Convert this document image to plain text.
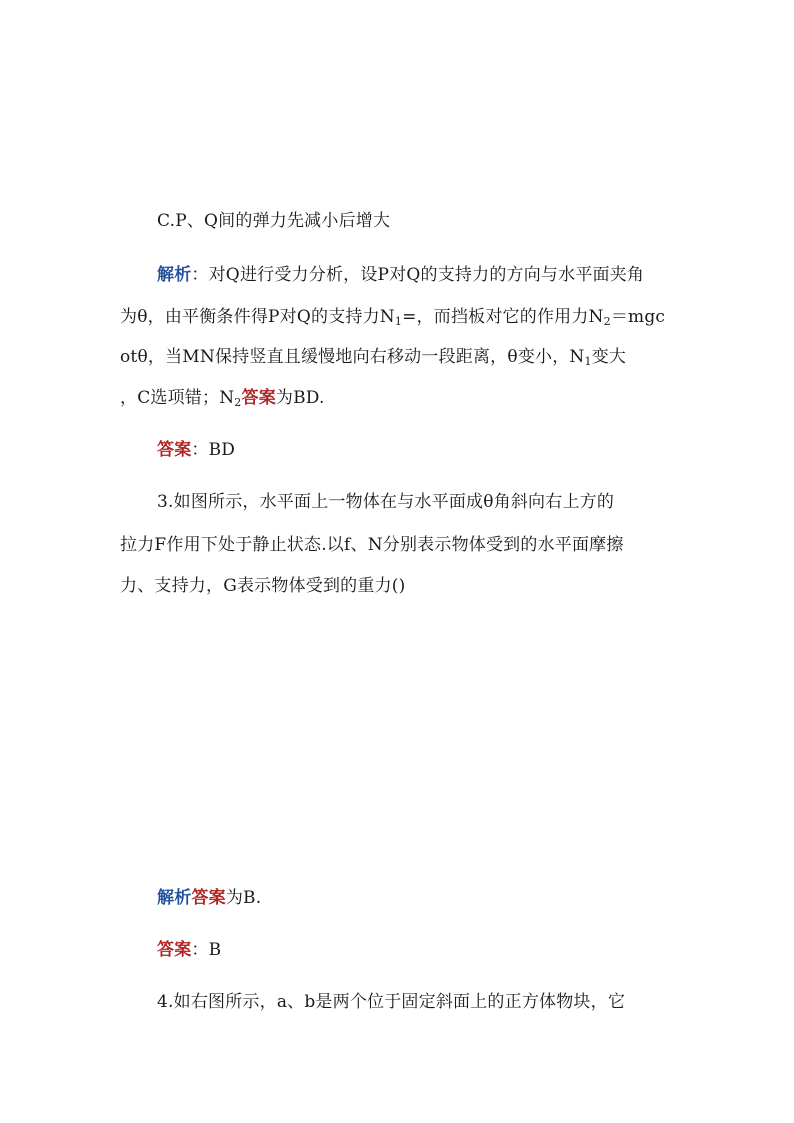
C.P、Q间的弹力先减小后增大
解析：对Q进行受力分析，设P对Q的支持力的方向与水平面夹角
为θ，由平衡条件得P对Q的支持力$N_1=$，而挡板对它的作用力$N_2=mgc$
otθ，当MN保持竖直且缓慢地向右移动一段距离，θ变小，$N_1$变大
，C选项错；$N_2$答案为BD.
答案：BD
3.如图所示，水平面上一物体在与水平面成θ角斜向右上方的
拉力F作用下处于静止状态.以f、N分别表示物体受到的水平面摩擦
力、支持力，G表示物体受到的重力()
解析答案为B.
答案：B
4.如右图所示，a、b是两个位于固定斜面上的正方体物块，它
